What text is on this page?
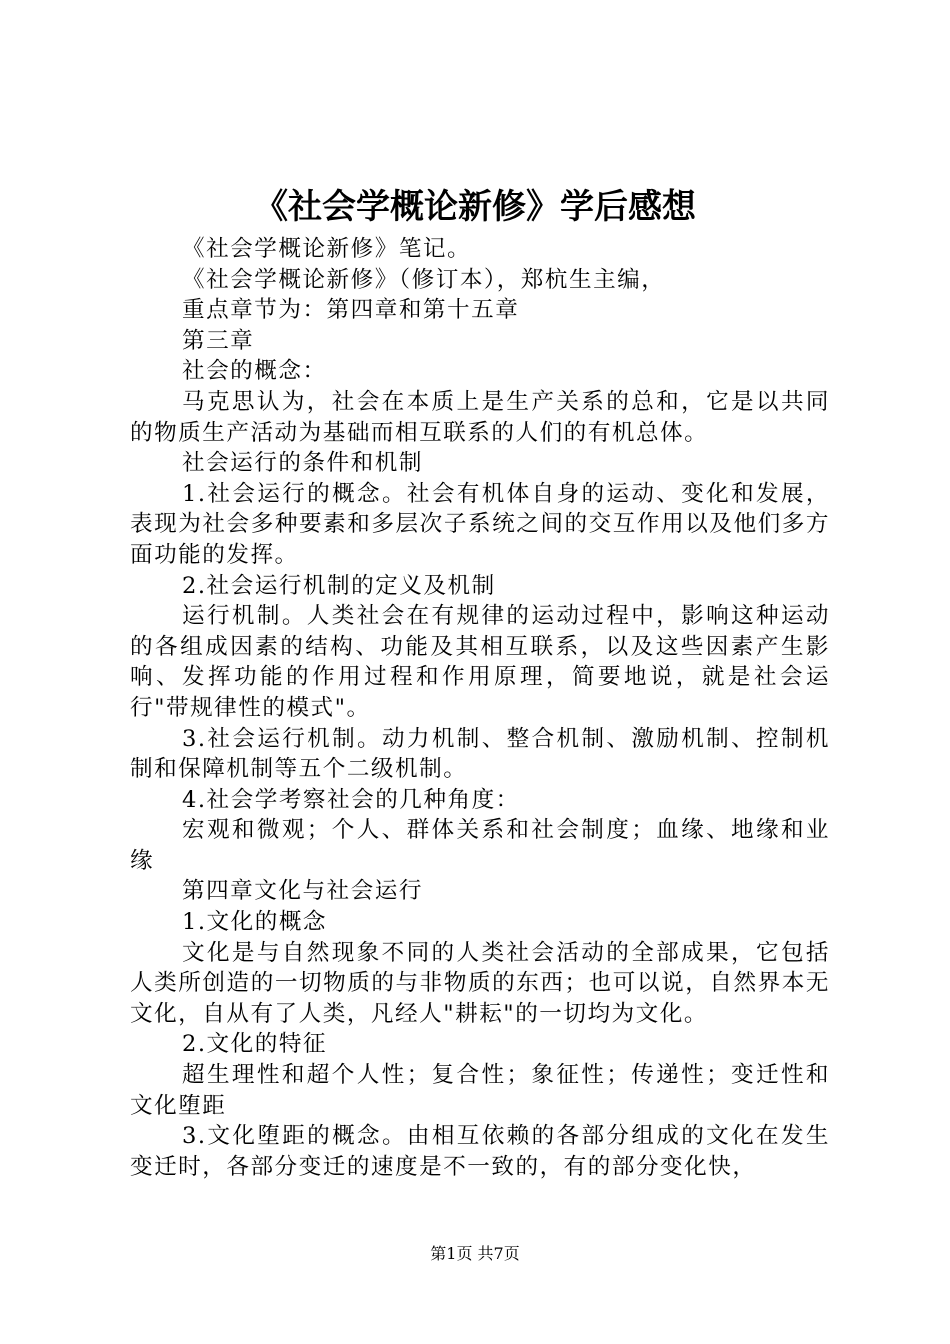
《社会学概论新修》学后感想

《社会学概论新修》笔记。

《社会学概论新修》（修订本），郑杭生主编，

重点章节为：第四章和第十五章

第三章

社会的概念：

马克思认为，社会在本质上是生产关系的总和，它是以共同的物质生产活动为基础而相互联系的人们的有机总体。

社会运行的条件和机制

1.社会运行的概念。社会有机体自身的运动、变化和发展，表现为社会多种要素和多层次子系统之间的交互作用以及他们多方面功能的发挥。

2.社会运行机制的定义及机制

运行机制。人类社会在有规律的运动过程中，影响这种运动的各组成因素的结构、功能及其相互联系，以及这些因素产生影响、发挥功能的作用过程和作用原理，简要地说，就是社会运行"带规律性的模式"。

3.社会运行机制。动力机制、整合机制、激励机制、控制机制和保障机制等五个二级机制。

4.社会学考察社会的几种角度：

宏观和微观；个人、群体关系和社会制度；血缘、地缘和业缘

第四章文化与社会运行

1.文化的概念

文化是与自然现象不同的人类社会活动的全部成果，它包括人类所创造的一切物质的与非物质的东西；也可以说，自然界本无文化，自从有了人类，凡经人"耕耘"的一切均为文化。

2.文化的特征

超生理性和超个人性；复合性；象征性；传递性；变迁性和文化堕距

3.文化堕距的概念。由相互依赖的各部分组成的文化在发生变迁时，各部分变迁的速度是不一致的，有的部分变化快，

第1页 共7页
